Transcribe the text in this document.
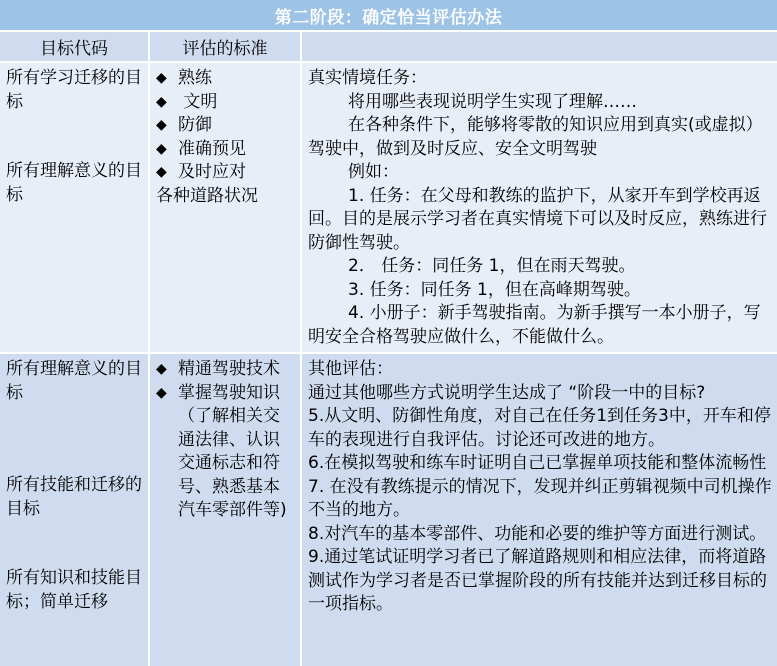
第二阶段：确定恰当评估办法
目标代码	评估的标准
所有学习迁移的目标
所有理解意义的目标
◆ 熟练
◆ 文明
◆ 防御
◆ 准确预见
◆ 及时应对
各种道路状况

真实情境任务：

将用哪些表现说明学生实现了理解……

在各种条件下，能够将零散的知识应用到真实(或虚拟）驾驶中，做到及时反应、安全文明驾驶

例如：

1. 任务：在父母和教练的监护下，从家开车到学校再返回。目的是展示学习者在真实情境下可以及时反应，熟练进行防御性驾驶。

2． 任务：同任务 1，但在雨天驾驶。

3. 任务：同任务 1，但在高峰期驾驶。

4. 小册子：新手驾驶指南。为新手撰写一本小册子，写明安全合格驾驶应做什么，不能做什么。

所有理解意义的目标
所有技能和迁移的目标
所有知识和技能目标；简单迁移
◆ 精通驾驶技术
◆ 掌握驾驶知识（了解相关交通法律、认识交通标志和符号、熟悉基本汽车零部件等)

其他评估：

通过其他哪些方式说明学生达成了 “阶段一中的目标?

5.从文明、防御性角度，对自己在任务1到任务3中，开车和停车的表现进行自我评估。讨论还可改进的地方。

6.在模拟驾驶和练车时证明自己已掌握单项技能和整体流畅性

7. 在没有教练提示的情况下，发现并纠正剪辑视频中司机操作不当的地方。

8.对汽车的基本零部件、功能和必要的维护等方面进行测试。

9.通过笔试证明学习者已了解道路规则和相应法律，而将道路测试作为学习者是否已掌握阶段的所有技能并达到迁移目标的一项指标。
